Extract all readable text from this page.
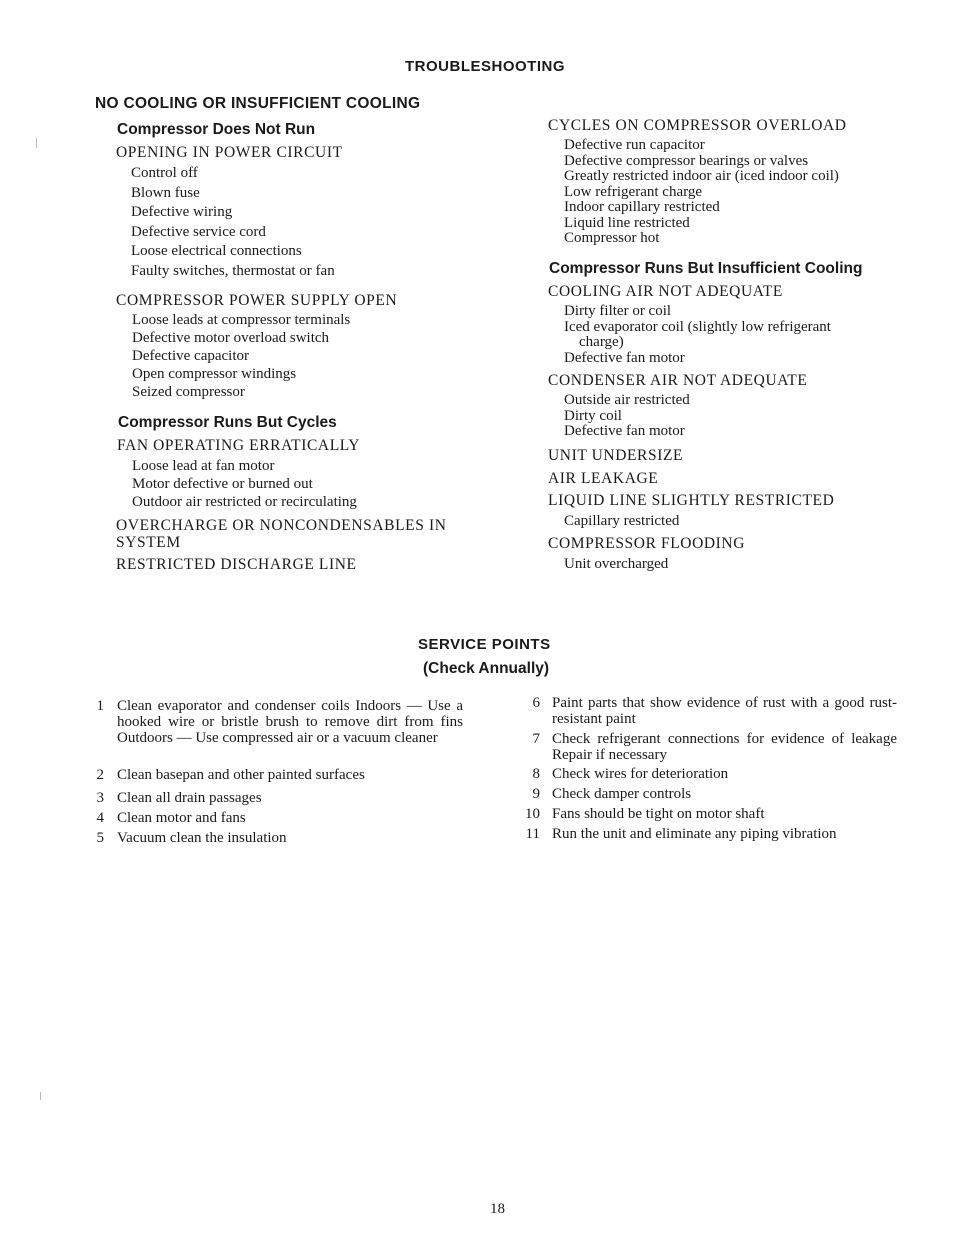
TROUBLESHOOTING
NO COOLING OR INSUFFICIENT COOLING
Compressor Does Not Run
OPENING IN POWER CIRCUIT
Control off
Blown fuse
Defective wiring
Defective service cord
Loose electrical connections
Faulty switches, thermostat or fan
COMPRESSOR POWER SUPPLY OPEN
Loose leads at compressor terminals
Defective motor overload switch
Defective capacitor
Open compressor windings
Seized compressor
Compressor Runs But Cycles
FAN OPERATING ERRATICALLY
Loose lead at fan motor
Motor defective or burned out
Outdoor air restricted or recirculating
OVERCHARGE OR NONCONDENSABLES IN
SYSTEM
RESTRICTED DISCHARGE LINE
CYCLES ON COMPRESSOR OVERLOAD
Defective run capacitor
Defective compressor bearings or valves
Greatly restricted indoor air (iced indoor coil)
Low refrigerant charge
Indoor capillary restricted
Liquid line restricted
Compressor hot
Compressor Runs But Insufficient Cooling
COOLING AIR NOT ADEQUATE
Dirty filter or coil
Iced evaporator coil (slightly low refrigerant
charge)
Defective fan motor
CONDENSER AIR NOT ADEQUATE
Outside air restricted
Dirty coil
Defective fan motor
UNIT UNDERSIZE
AIR LEAKAGE
LIQUID LINE SLIGHTLY RESTRICTED
Capillary restricted
COMPRESSOR FLOODING
Unit overcharged
SERVICE POINTS
(Check Annually)
1 Clean evaporator and condenser coils Indoors — Use a hooked wire or bristle brush to remove dirt from fins Outdoors — Use compressed air or a vacuum cleaner
2 Clean basepan and other painted surfaces
3 Clean all drain passages
4 Clean motor and fans
5 Vacuum clean the insulation
6 Paint parts that show evidence of rust with a good rust-resistant paint
7 Check refrigerant connections for evidence of leakage Repair if necessary
8 Check wires for deterioration
9 Check damper controls
10 Fans should be tight on motor shaft
11 Run the unit and eliminate any piping vibration
18
